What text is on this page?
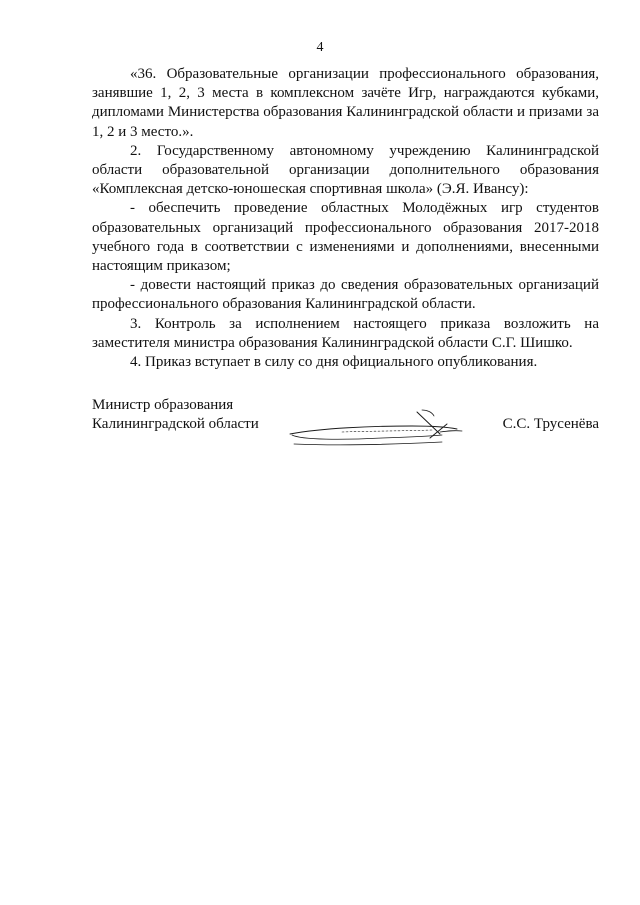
4

«36. Образовательные организации профессионального образования, занявшие 1, 2, 3 места в комплексном зачёте Игр, награждаются кубками, дипломами Министерства образования Калининградской области и призами за 1, 2 и 3 место.».

2. Государственному автономному учреждению Калининградской области образовательной организации дополнительного образования «Комплексная детско-юношеская спортивная школа» (Э.Я. Ивансу):

- обеспечить проведение областных Молодёжных игр студентов образовательных организаций профессионального образования 2017-2018 учебного года в соответствии с изменениями и дополнениями, внесенными настоящим приказом;

- довести настоящий приказ до сведения образовательных организаций профессионального образования Калининградской области.

3. Контроль за исполнением настоящего приказа возложить на заместителя министра образования Калининградской области С.Г. Шишко.

4. Приказ вступает в силу со дня официального опубликования.

Министр образования
Калининградской области	С.С. Трусенёва
